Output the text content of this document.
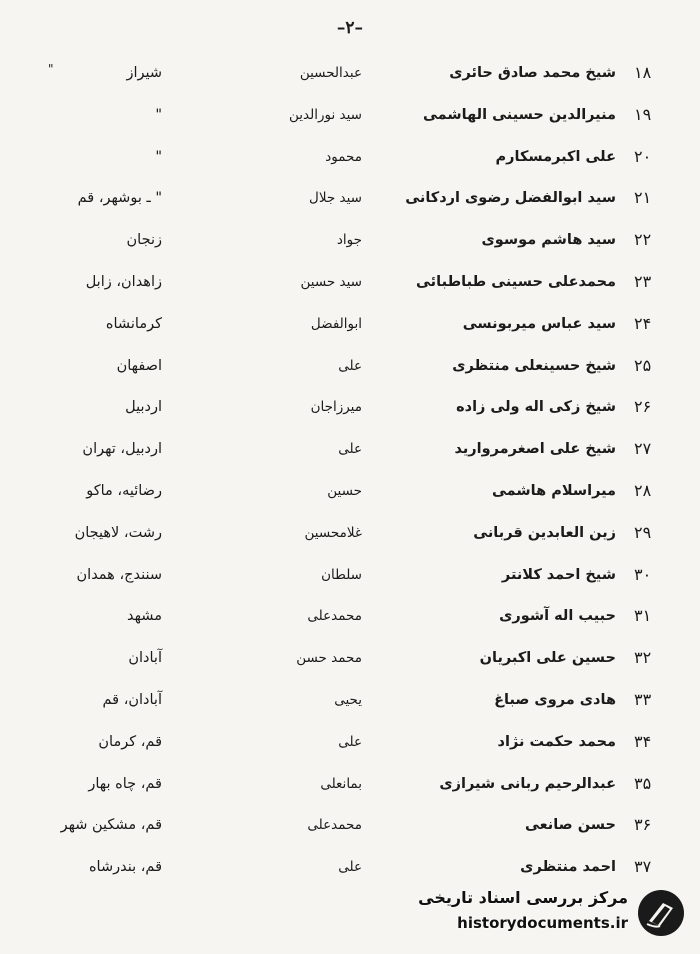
–۲–
"	۱۸
شیخ محمد صادق حائری
عبدالحسین
شیراز
۱۹
منیرالدین حسینی الهاشمی
سید نورالدین
"
۲۰
علی اکبرمسکارم
محمود
"
۲۱
سید ابوالفضل رضوی اردکانی
سید جلال
" ـ بوشهر، قم
۲۲
سید هاشم موسوی
جواد
زنجان
۲۳
محمدعلی حسینی طباطبائی
سید حسین
زاهدان، زابل
۲۴
سید عباس میربونسی
ابوالفضل
کرمانشاه
۲۵
شیخ حسینعلی منتظری
علی
اصفهان
۲۶
شیخ زکی اله ولی زاده
میرزاجان
اردبیل
۲۷
شیخ علی اصغرمروارید
علی
اردبیل، تهران
۲۸
میراسلام هاشمی
حسین
رضائیه، ماکو
۲۹
زین العابدین قربانی
غلامحسین
رشت، لاهیجان
۳۰
شیخ احمد کلانتر
سلطان
سنندج، همدان
۳۱
حبیب اله آشوری
محمدعلی
مشهد
۳۲
حسین علی اکبریان
محمد حسن
آبادان
۳۳
هادی مروی صباغ
یحیی
آبادان، قم
۳۴
محمد حکمت نژاد
علی
قم، کرمان
۳۵
عبدالرحیم ربانی شیرازی
بمانعلی
قم، چاه بهار
۳۶
حسن صانعی
محمدعلی
قم، مشکین شهر
۳۷
احمد منتظری
علی
قم، بندرشاه
مرکز بررسی اسناد تاریخی
historydocuments.ir
